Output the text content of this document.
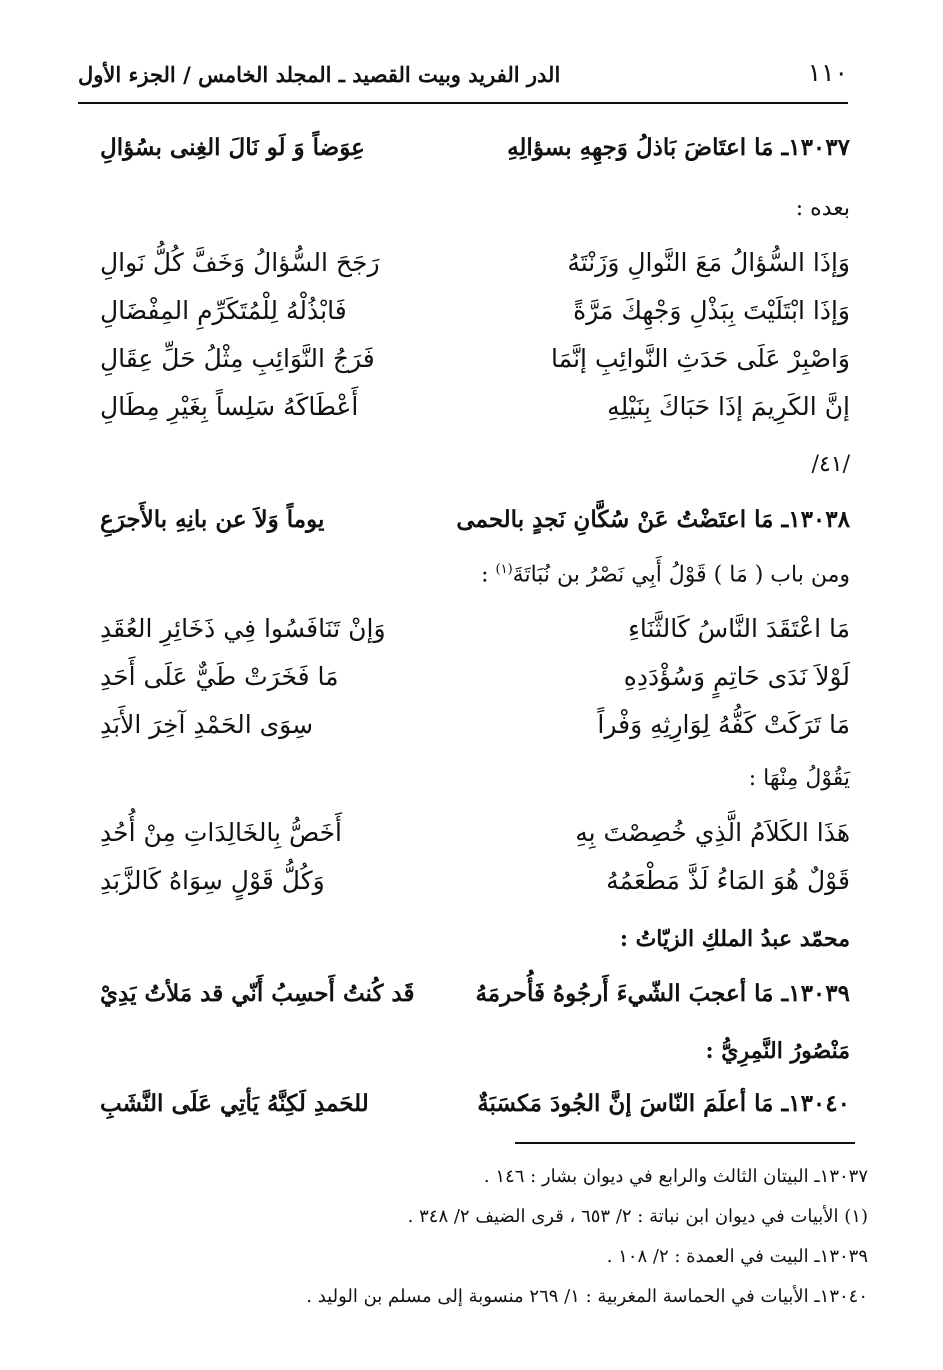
١١٠
الدر الفريد وبيت القصيد ـ المجلد الخامس / الجزء الأول
١٣٠٣٧ـ مَا اعتَاضَ بَاذلُ وَجهِهِ بسؤالِهِ
عِوَضاً وَ لَو نَالَ الغِنى بسُؤالِ
بعده :
وَإذَا السُّؤالُ مَعَ النَّوالِ وَزَنْتَهُ
رَجَحَ السُّؤالُ وَخَفَّ كُلُّ نَوالِ
وَإذَا ابْتَلَيْتَ بِبَذْلِ وَجْهِكَ مَرَّةً
فَابْذُلْهُ لِلْمُتَكَرِّمِ المِفْضَالِ
وَاصْبِرْ عَلَى حَدَثِ النَّوائِبِ إنَّمَا
فَرَجُ النَّوَائِبِ مِثْلُ حَلِّ عِقَالِ
إنَّ الكَرِيمَ إذَا حَبَاكَ بِنَيْلِهِ
أَعْطَاكَهُ سَلِساً بِغَيْرِ مِطَالِ
/٤١/
١٣٠٣٨ـ مَا اعتَضْتُ عَنْ سُكَّانِ نَجدٍ بالحمى
يوماً وَلاَ عن بانِهِ بالأَجرَعِ
ومن باب ( مَا ) قَوْلُ أَبِي نَصْرُ بن نُبَاتَةَ$^{(١)}$ :
مَا اعْتَقَدَ النَّاسُ كَالثَّنَاءِ
وَإنْ تَنَافَسُوا فِي ذَخَائِرِ العُقَدِ
لَوْلاَ نَدَى حَاتِمٍ وَسُؤْدَدِهِ
مَا فَخَرَتْ طَيٌّ عَلَى أَحَدِ
مَا تَرَكَتْ كَفُّهُ لِوَارِثِهِ وَفْراً
سِوَى الحَمْدِ آخِرَ الأَبَدِ
يَقُوْلُ مِنْهَا :
هَذَا الكَلاَمُ الَّذِي خُصِصْتَ بِهِ
أَخَصُّ بِالخَالِدَاتِ مِنْ أُحُدِ
قَوْلٌ هُوَ المَاءُ لَذَّ مَطْعَمُهُ
وَكُلُّ قَوْلٍ سِوَاهُ كَالزَّبَدِ
محمّد عبدُ الملكِ الزيّاتُ :
١٣٠٣٩ـ مَا أعجبَ الشّيءَ أَرجُوهُ فَأُحرمَهُ
قَد كُنتُ أَحسِبُ أَنّي قد مَلأتُ يَدِيْ
مَنْصُورُ النَّمِرِيُّ :
١٣٠٤٠ـ مَا أعلَمَ النّاسَ إنَّ الجُودَ مَكسَبَةٌ
للحَمدِ لَكِنَّهُ يَأتِي عَلَى النَّشَبِ
١٣٠٣٧ـ البيتان الثالث والرابع في ديوان بشار : ١٤٦ .
(١) الأبيات في ديوان ابن نباتة : ٢/ ٦٥٣ ، قرى الضيف ٢/ ٣٤٨ .
١٣٠٣٩ـ البيت في العمدة : ٢/ ١٠٨ .
١٣٠٤٠ـ الأبيات في الحماسة المغربية : ١/ ٢٦٩ منسوبة إلى مسلم بن الوليد .
